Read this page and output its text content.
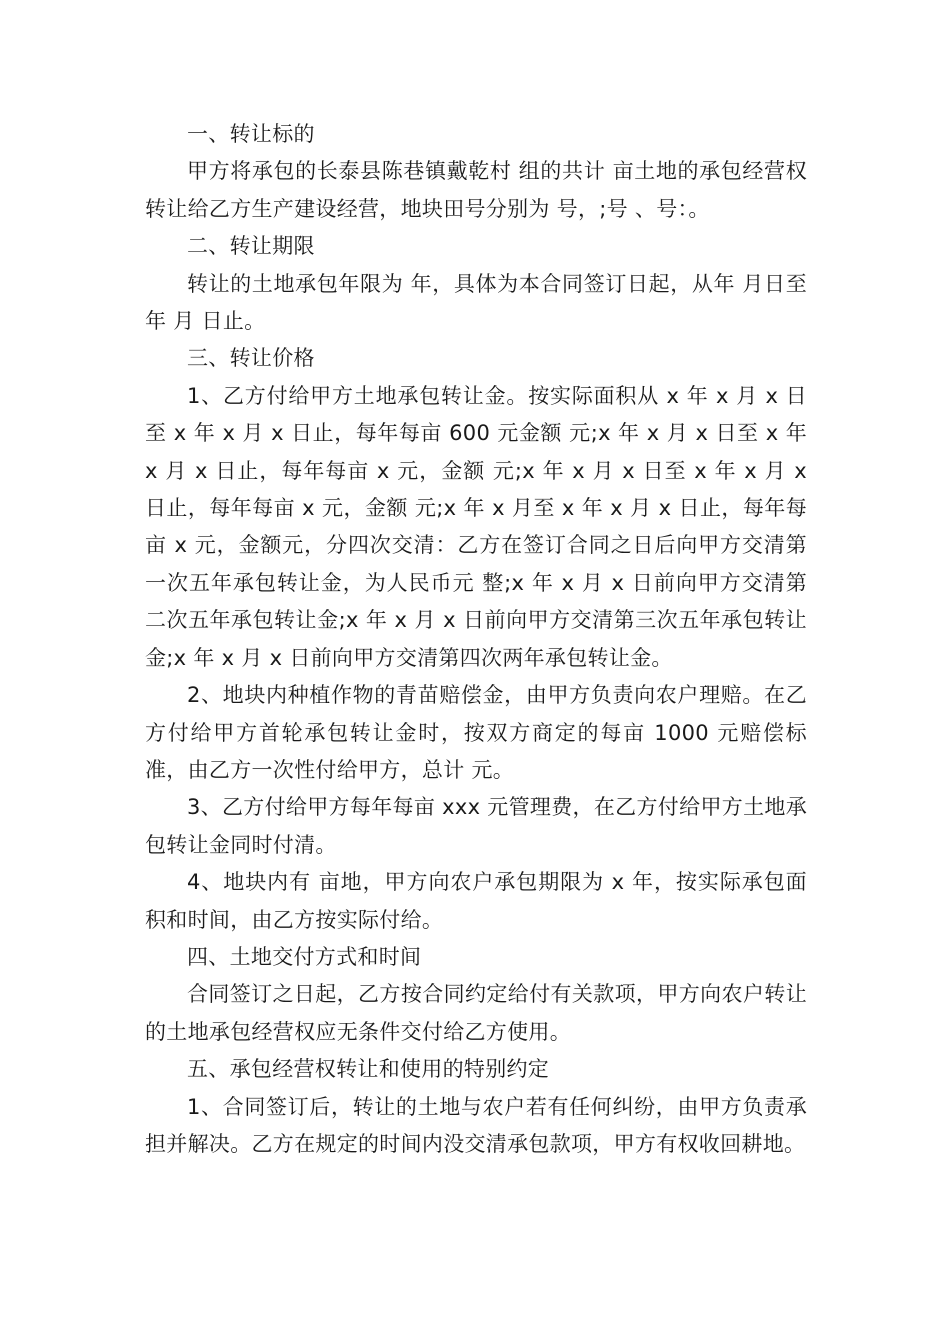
一、转让标的

甲方将承包的长泰县陈巷镇戴乾村 组的共计 亩土地的承包经营权转让给乙方生产建设经营，地块田号分别为 号，;号 、号：。

二、转让期限

转让的土地承包年限为 年，具体为本合同签订日起，从年 月日至 年 月 日止。

三、转让价格

1、乙方付给甲方土地承包转让金。按实际面积从 x 年 x 月 x 日至 x 年 x 月 x 日止，每年每亩 600 元金额 元;x 年 x 月 x 日至 x 年 x 月 x 日止，每年每亩 x 元，金额 元;x 年 x 月 x 日至 x 年 x 月 x 日止，每年每亩 x 元，金额 元;x 年 x 月至 x 年 x 月 x 日止，每年每亩 x 元，金额元，分四次交清：乙方在签订合同之日后向甲方交清第一次五年承包转让金，为人民币元 整;x 年 x 月 x 日前向甲方交清第二次五年承包转让金;x 年 x 月 x 日前向甲方交清第三次五年承包转让金;x 年 x 月 x 日前向甲方交清第四次两年承包转让金。

2、地块内种植作物的青苗赔偿金，由甲方负责向农户理赔。在乙方付给甲方首轮承包转让金时，按双方商定的每亩 1000 元赔偿标准，由乙方一次性付给甲方，总计 元。

3、乙方付给甲方每年每亩 xxx 元管理费，在乙方付给甲方土地承包转让金同时付清。

4、地块内有 亩地，甲方向农户承包期限为 x 年，按实际承包面积和时间，由乙方按实际付给。

四、土地交付方式和时间

合同签订之日起，乙方按合同约定给付有关款项，甲方向农户转让的土地承包经营权应无条件交付给乙方使用。

五、承包经营权转让和使用的特别约定

1、合同签订后，转让的土地与农户若有任何纠纷，由甲方负责承担并解决。乙方在规定的时间内没交清承包款项，甲方有权收回耕地。
